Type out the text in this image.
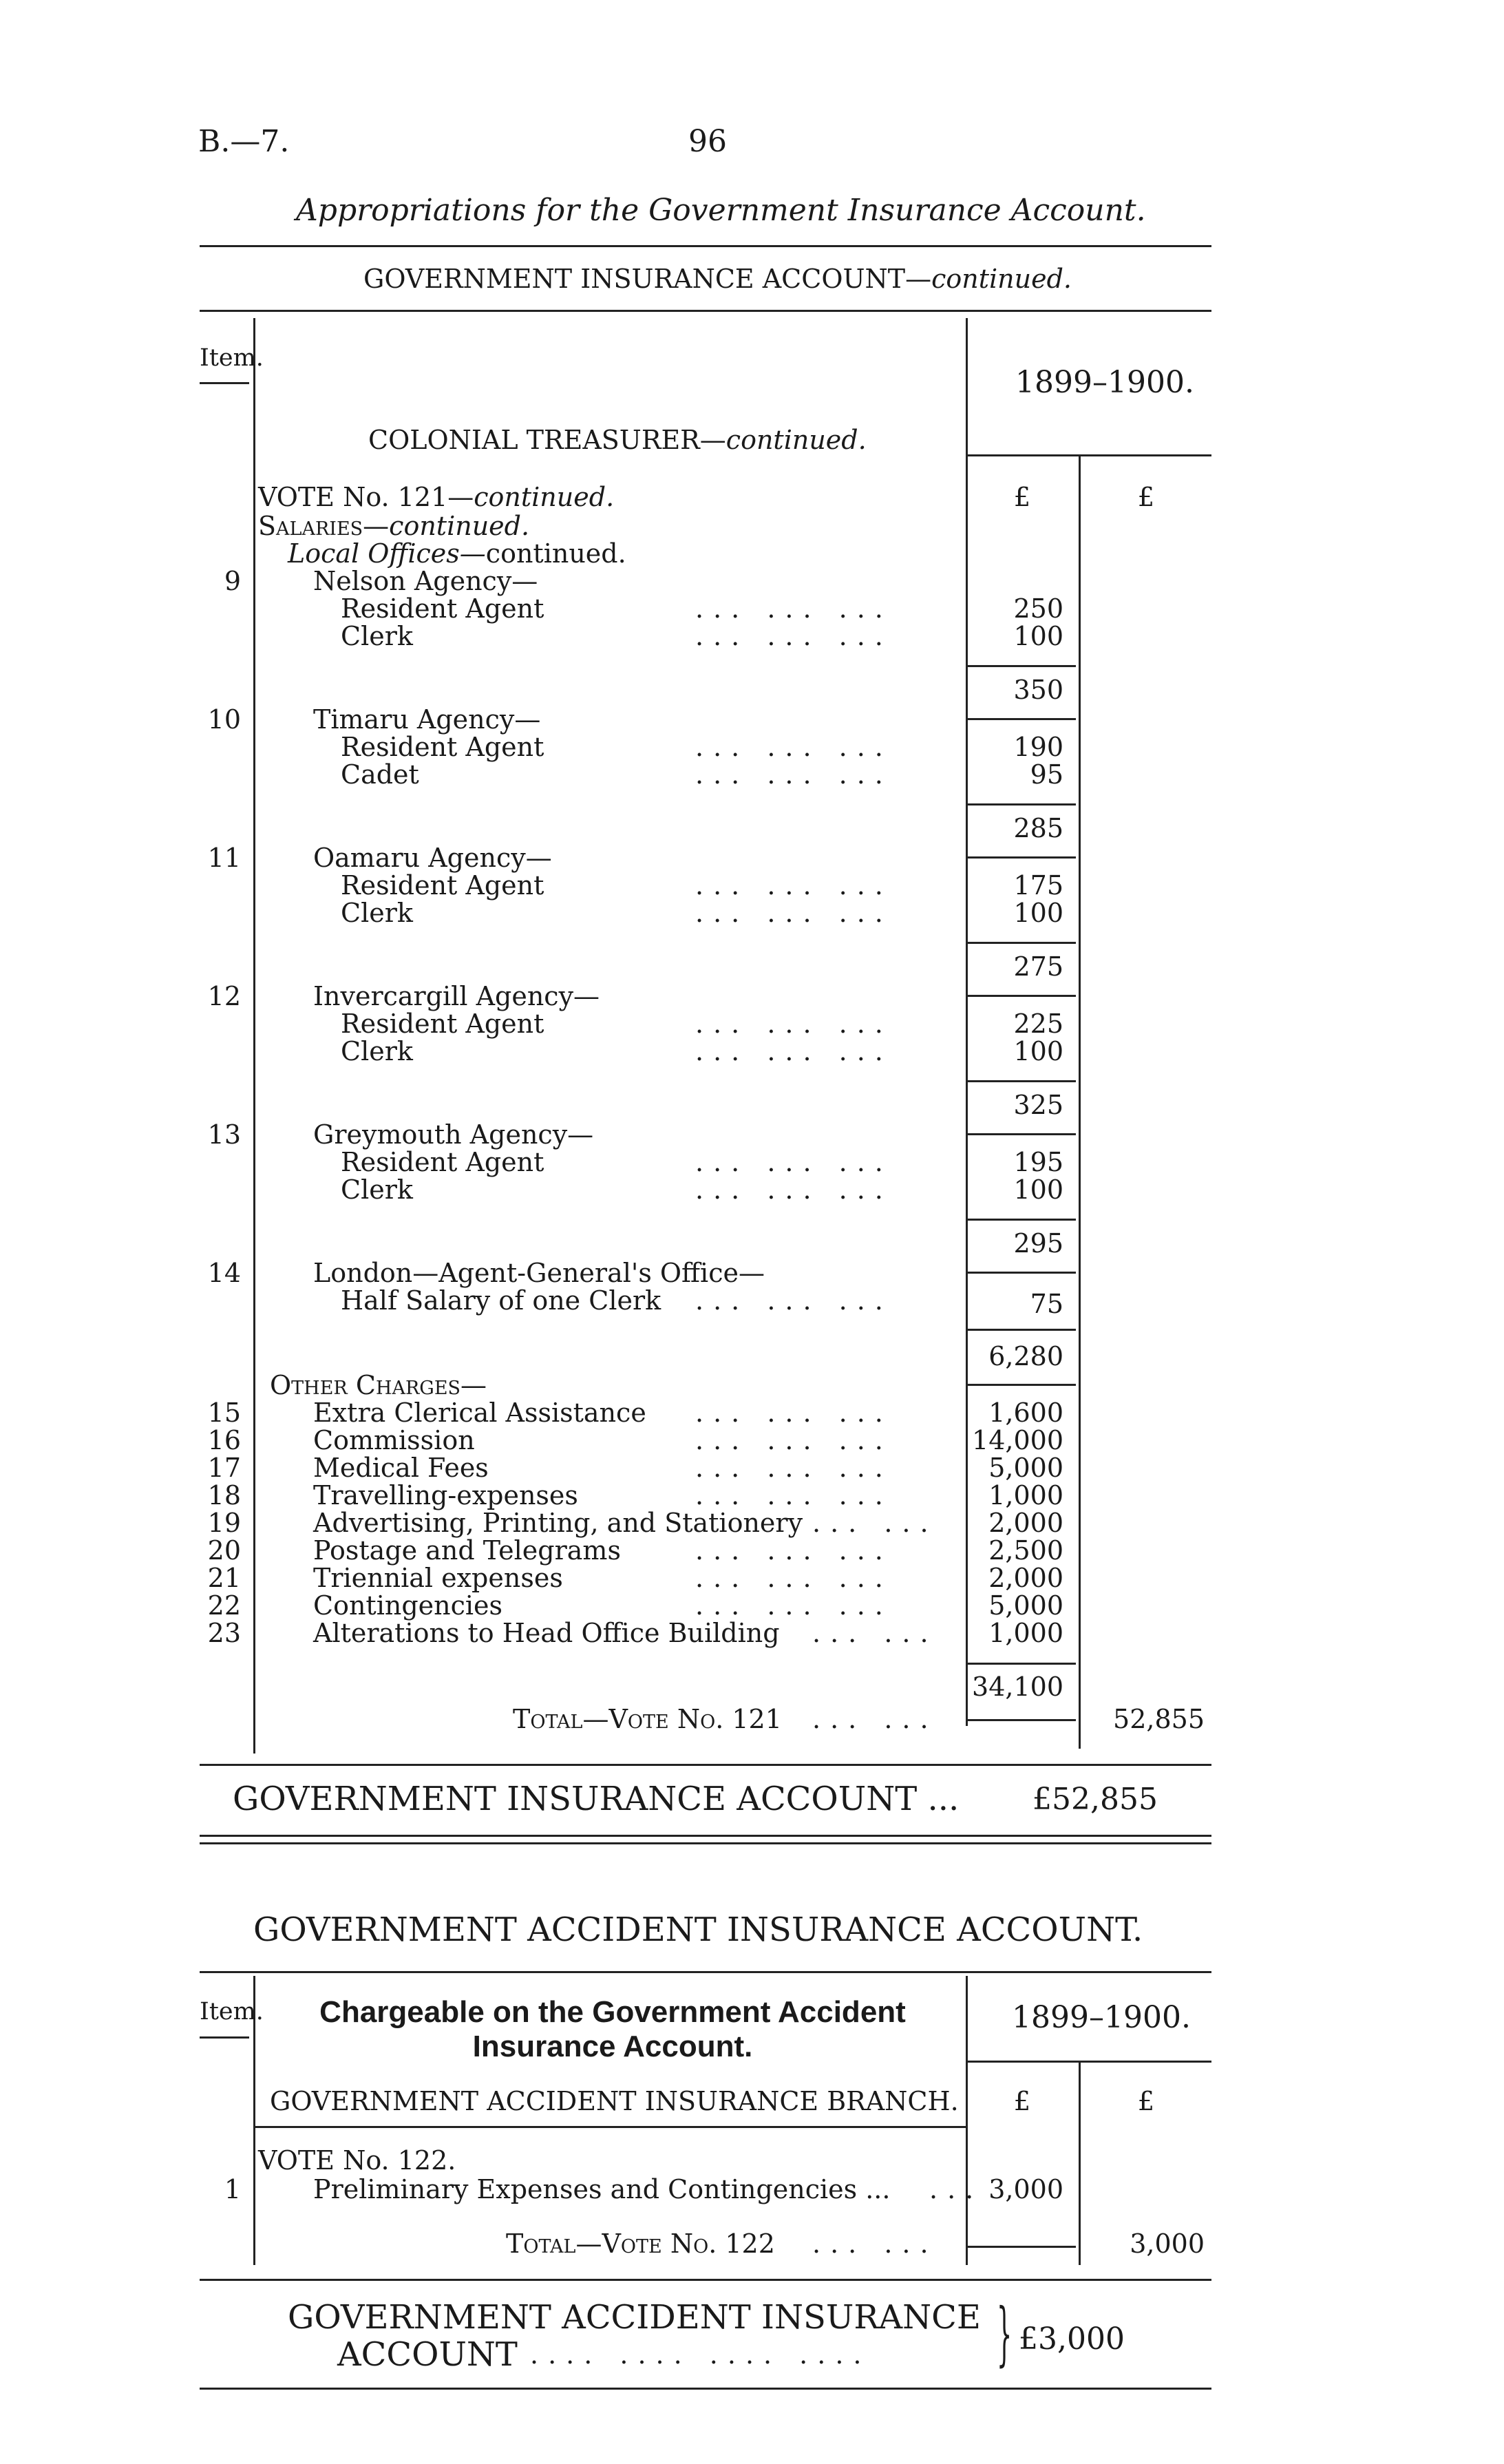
B.—7.	96
Appropriations for the Government Insurance Account.
GOVERNMENT INSURANCE ACCOUNT—continued.
Item.
1899–1900.
COLONIAL TREASURER—continued.
£	£
VOTE No. 121—continued.
Salaries—continued.
Local Offices—continued.
9	Nelson Agency—
Resident Agent	... ... ...	250
Clerk	... ... ...	100
350
10	Timaru Agency—
Resident Agent	... ... ...	190
Cadet	... ... ...	95
285
11	Oamaru Agency—
Resident Agent	... ... ...	175
Clerk	... ... ...	100
275
12	Invercargill Agency—
Resident Agent	... ... ...	225
Clerk	... ... ...	100
325
13	Greymouth Agency—
Resident Agent	... ... ...	195
Clerk	... ... ...	100
295
14	London—Agent-General's Office—
Half Salary of one Clerk ... ... ...	75
6,280
Other Charges—
15	Extra Clerical Assistance ... ... ...	1,600
16	Commission	... ... ...	14,000
17	Medical Fees	... ... ...	5,000
18	Travelling-expenses	... ... ...	1,000
19	Advertising, Printing, and Stationery ... ...	2,000
20	Postage and Telegrams	... ... ...	2,500
21	Triennial expenses	... ... ...	2,000
22	Contingencies	... ... ...	5,000
23	Alterations to Head Office Building ... ...	1,000
34,100
Total—Vote No. 121 ... ...	52,855
GOVERNMENT INSURANCE ACCOUNT ... £52,855
GOVERNMENT ACCIDENT INSURANCE ACCOUNT.
Item.	Chargeable on the Government Accident Insurance Account.
1899–1900.
GOVERNMENT ACCIDENT INSURANCE BRANCH.	£	£
VOTE No. 122.
1	Preliminary Expenses and Contingencies ... ... 3,000
Total—Vote No. 122 ... ...	3,000
GOVERNMENT ACCIDENT INSURANCE
ACCOUNT .... .... .... .... } £3,000
